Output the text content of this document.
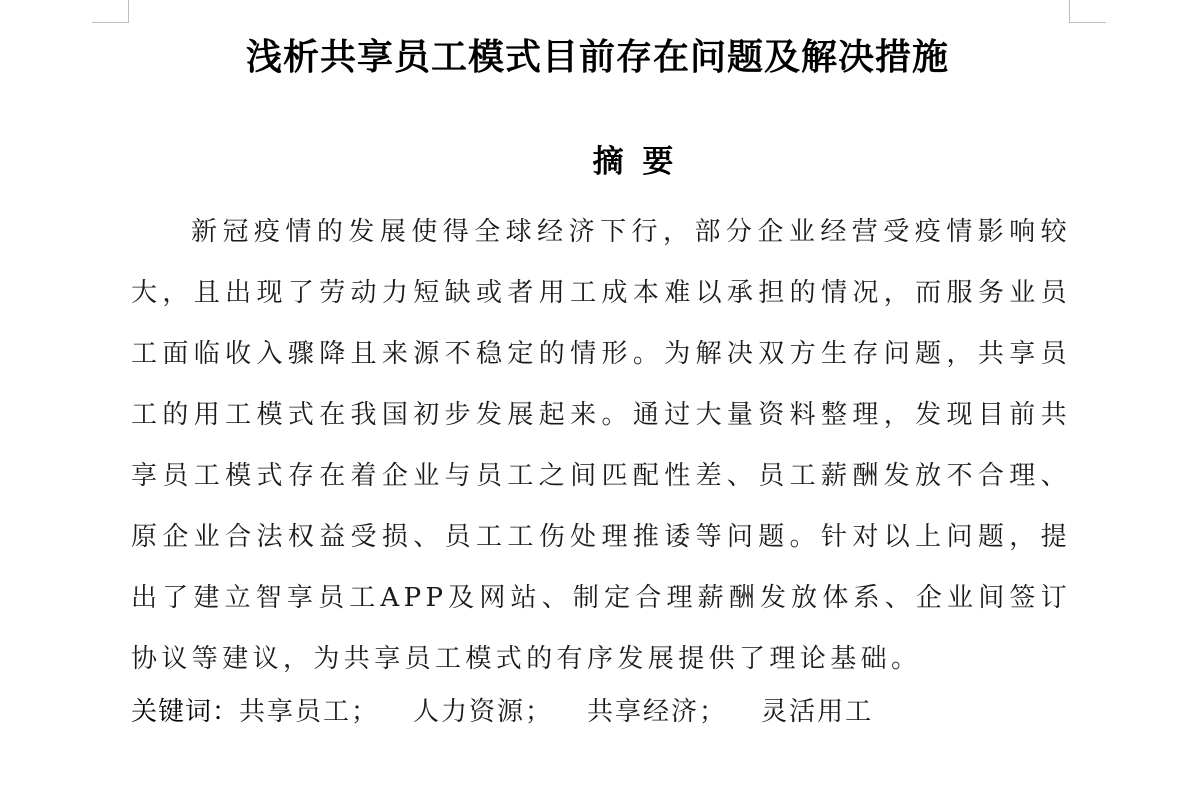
浅析共享员工模式目前存在问题及解决措施
摘 要

新冠疫情的发展使得全球经济下行，部分企业经营受疫情影响较大，且出现了劳动力短缺或者用工成本难以承担的情况，而服务业员工面临收入骤降且来源不稳定的情形。为解决双方生存问题，共享员工的用工模式在我国初步发展起来。通过大量资料整理，发现目前共享员工模式存在着企业与员工之间匹配性差、员工薪酬发放不合理、原企业合法权益受损、员工工伤处理推诿等问题。针对以上问题，提出了建立智享员工APP及网站、制定合理薪酬发放体系、企业间签订协议等建议，为共享员工模式的有序发展提供了理论基础。

关键词：共享员工； 人力资源； 共享经济； 灵活用工
